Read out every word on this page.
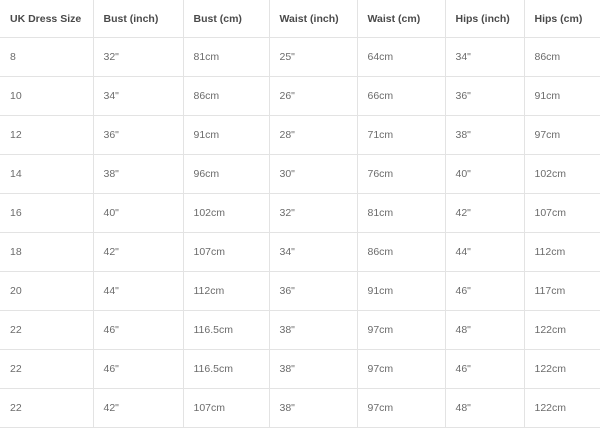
UK Dress Size	Bust (inch)	Bust (cm)	Waist (inch)	Waist (cm)	Hips (inch)	Hips (cm)
8	32"	81cm	25"	64cm	34"	86cm
10	34"	86cm	26"	66cm	36"	91cm
12	36"	91cm	28"	71cm	38"	97cm
14	38"	96cm	30"	76cm	40"	102cm
16	40"	102cm	32"	81cm	42"	107cm
18	42"	107cm	34"	86cm	44"	112cm
20	44"	112cm	36"	91cm	46"	117cm
22	46"	116.5cm	38"	97cm	48"	122cm
22	46"	116.5cm	38"	97cm	46"	122cm
22	42"	107cm	38"	97cm	48"	122cm
